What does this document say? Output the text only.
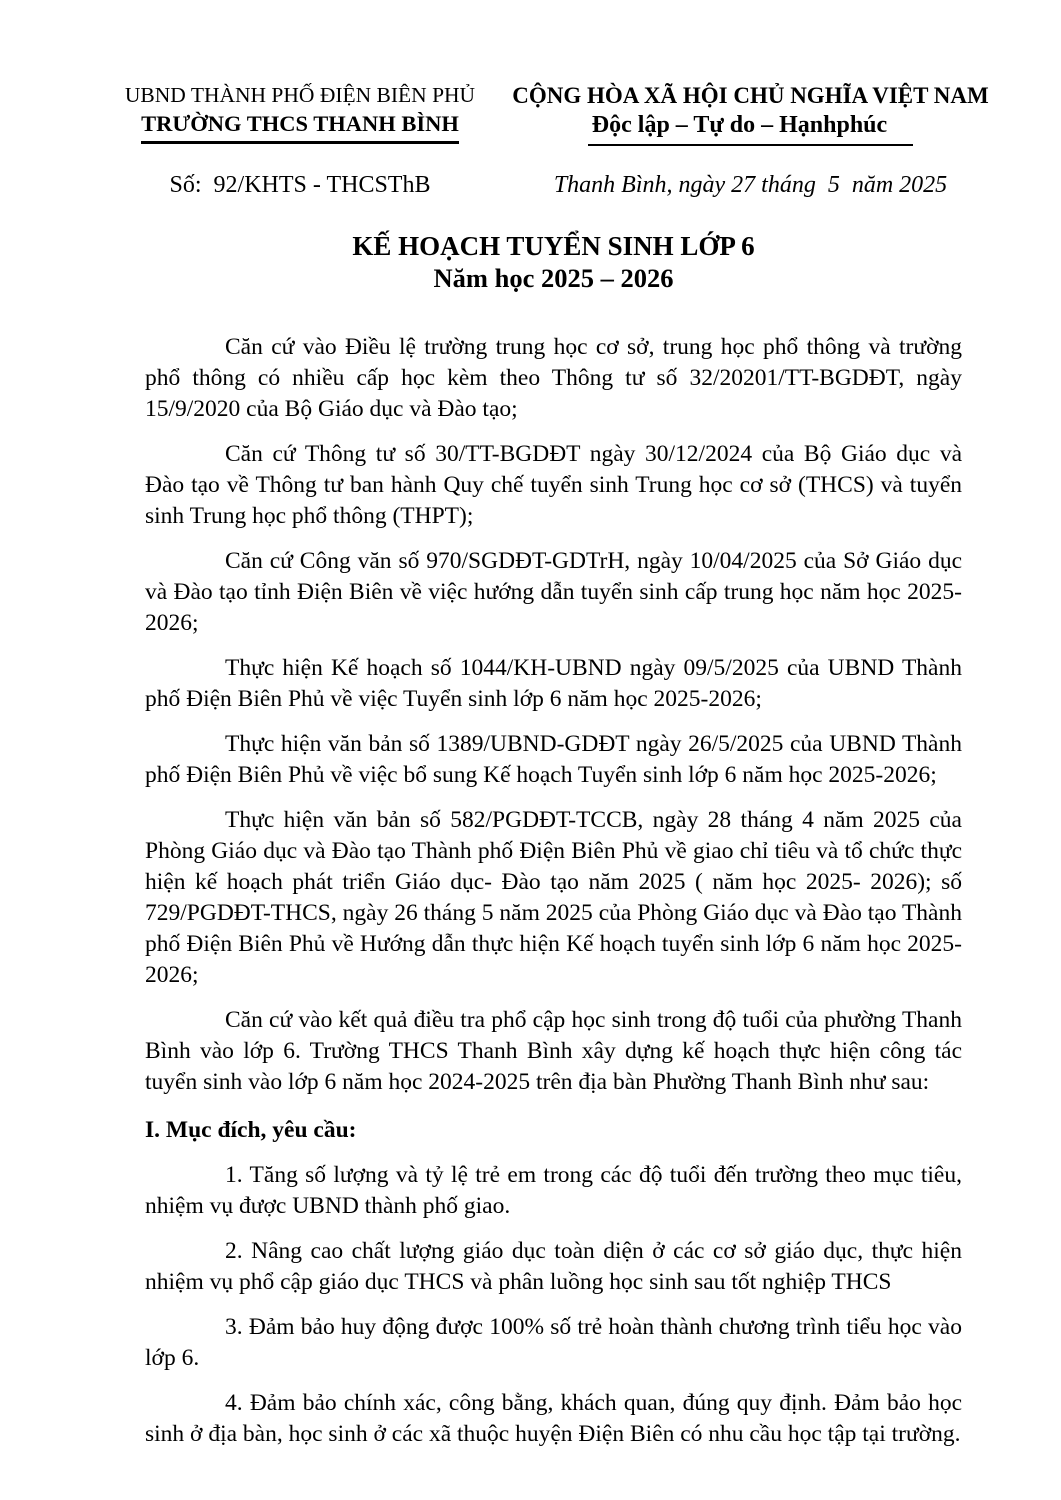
UBND THÀNH PHỐ ĐIỆN BIÊN PHỦ
TRƯỜNG THCS THANH BÌNH
Số:  92/KHTS - THCSThB
CỘNG HÒA XÃ HỘI CHỦ NGHĨA VIỆT NAM
Độc lập – Tự do – Hạnhphúc
Thanh Bình, ngày 27 tháng  5  năm 2025
KẾ HOẠCH TUYỂN SINH LỚP 6
Năm học 2025 – 2026

Căn cứ vào Điều lệ trường trung học cơ sở, trung học phổ thông và trường phổ thông có nhiều cấp học kèm theo Thông tư số 32/20201/TT-BGDĐT, ngày 15/9/2020 của Bộ Giáo dục và Đào tạo;

Căn cứ Thông tư số 30/TT-BGDĐT ngày 30/12/2024 của Bộ Giáo dục và Đào tạo về Thông tư ban hành Quy chế tuyển sinh Trung học cơ sở (THCS) và tuyển sinh Trung học phổ thông (THPT);

Căn cứ Công văn số 970/SGDĐT-GDTrH, ngày 10/04/2025 của Sở Giáo dục và Đào tạo tỉnh Điện Biên về việc hướng dẫn tuyển sinh cấp trung học năm học 2025- 2026;

Thực hiện Kế hoạch số 1044/KH-UBND ngày 09/5/2025 của UBND Thành phố Điện Biên Phủ về việc Tuyển sinh lớp 6 năm học 2025-2026;

Thực hiện văn bản số 1389/UBND-GDĐT ngày 26/5/2025 của UBND Thành phố Điện Biên Phủ về việc bổ sung Kế hoạch Tuyển sinh lớp 6 năm học 2025-2026;

Thực hiện văn bản số 582/PGDĐT-TCCB, ngày 28 tháng 4 năm 2025 của Phòng Giáo dục và Đào tạo Thành phố Điện Biên Phủ về giao chỉ tiêu và tổ chức thực hiện kế hoạch phát triển Giáo dục- Đào tạo năm 2025 ( năm học 2025- 2026); số 729/PGDĐT-THCS, ngày 26 tháng 5 năm 2025 của Phòng Giáo dục và Đào tạo Thành phố Điện Biên Phủ về Hướng dẫn thực hiện Kế hoạch tuyển sinh lớp 6 năm học 2025- 2026;

Căn cứ vào kết quả điều tra phổ cập học sinh trong độ tuổi của phường Thanh Bình vào lớp 6. Trường THCS Thanh Bình xây dựng kế hoạch thực hiện công tác tuyển sinh vào lớp 6 năm học 2024-2025 trên địa bàn Phường Thanh Bình như sau:

I. Mục đích, yêu cầu:

1. Tăng số lượng và tỷ lệ trẻ em trong các độ tuổi đến trường theo mục tiêu, nhiệm vụ được UBND thành phố giao.

2. Nâng cao chất lượng giáo dục toàn diện ở các cơ sở giáo dục, thực hiện nhiệm vụ phổ cập giáo dục THCS và phân luồng học sinh sau tốt nghiệp THCS

3. Đảm bảo huy động được 100% số trẻ hoàn thành chương trình tiểu học vào lớp 6.

4. Đảm bảo chính xác, công bằng, khách quan, đúng quy định. Đảm bảo học sinh ở địa bàn, học sinh ở các xã thuộc huyện Điện Biên có nhu cầu học tập tại trường.
